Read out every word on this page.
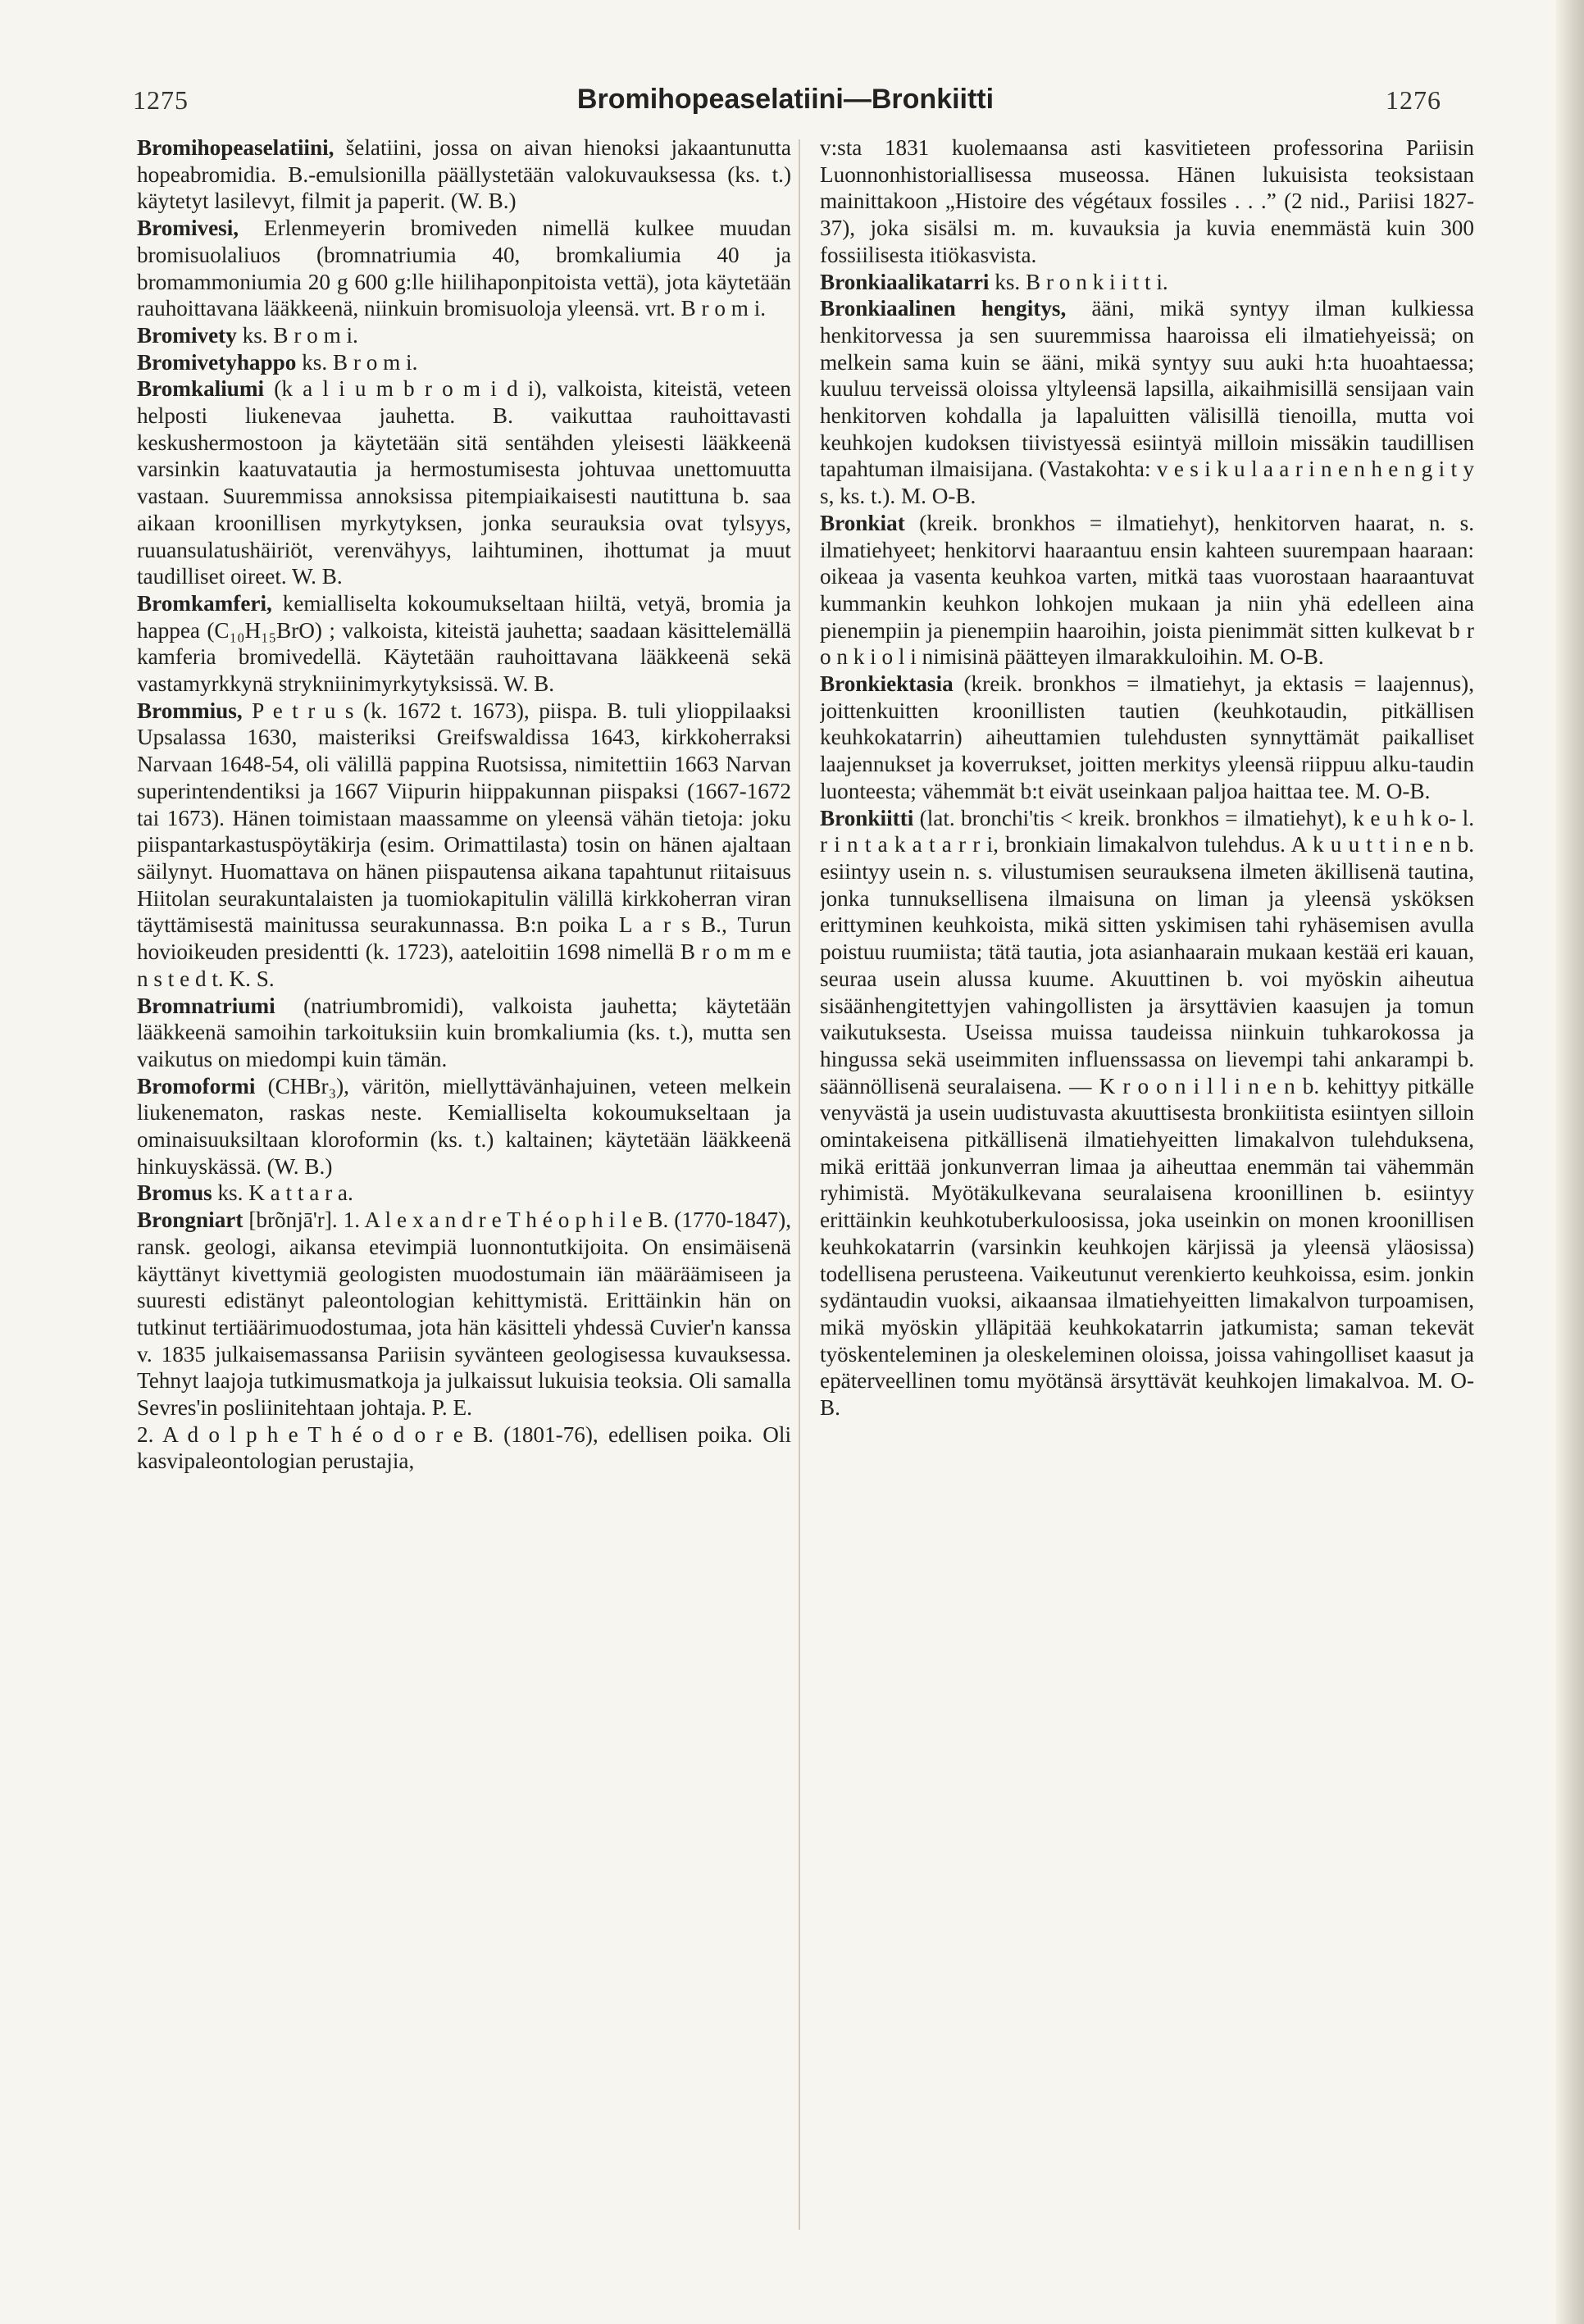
1275	Bromihopeaselatiini—Bronkiitti	1276

Bromihopeaselatiini, šelatiini, jossa on aivan hienoksi jakaantunutta hopeabromidia. B.-emulsionilla päällystetään valokuvauksessa (ks. t.) käytetyt lasilevyt, filmit ja paperit. (W. B.)

Bromivesi, Erlenmeyerin bromiveden nimellä kulkee muudan bromisuolaliuos (bromnatriumia 40, bromkaliumia 40 ja bromammoniumia 20 g 600 g:lle hiilihaponpitoista vettä), jota käytetään rauhoittavana lääkkeenä, niinkuin bromisuoloja yleensä. vrt. B r o m i.

Bromivety ks. B r o m i.

Bromivetyhappo ks. B r o m i.

Bromkaliumi (k a l i u m b r o m i d i), valkoista, kiteistä, veteen helposti liukenevaa jauhetta. B. vaikuttaa rauhoittavasti keskushermostoon ja käytetään sitä sentähden yleisesti lääkkeenä varsinkin kaatuvatautia ja hermostumisesta johtuvaa unettomuutta vastaan. Suuremmissa annoksissa pitempiaikaisesti nautittuna b. saa aikaan kroonillisen myrkytyksen, jonka seurauksia ovat tylsyys, ruuansulatushäiriöt, verenvähyys, laihtuminen, ihottumat ja muut taudilliset oireet. W. B.

Bromkamferi, kemialliselta kokoumukseltaan hiiltä, vetyä, bromia ja happea (C₁₀H₁₅BrO) ; valkoista, kiteistä jauhetta; saadaan käsittelemällä kamferia bromivedellä. Käytetään rauhoittavana lääkkeenä sekä vastamyrkkynä strykniinimyrkytyksissä. W. B.

Brommius, P e t r u s (k. 1672 t. 1673), piispa. B. tuli ylioppilaaksi Upsalassa 1630, maisteriksi Greifswaldissa 1643, kirkkoherraksi Narvaan 1648-54, oli välillä pappina Ruotsissa, nimitettiin 1663 Narvan superintendentiksi ja 1667 Viipurin hiippakunnan piispaksi (1667-1672 tai 1673). Hänen toimistaan maassamme on yleensä vähän tietoja: joku piispantarkastuspöytäkirja (esim. Orimattilasta) tosin on hänen ajaltaan säilynyt. Huomattava on hänen piispautensa aikana tapahtunut riitaisuus Hiitolan seurakuntalaisten ja tuomiokapitulin välillä kirkkoherran viran täyttämisestä mainitussa seurakunnassa. B:n poika L a r s B., Turun hovioikeuden presidentti (k. 1723), aateloitiin 1698 nimellä B r o m m e n s t e d t. K. S.

Bromnatriumi (natriumbromidi), valkoista jauhetta; käytetään lääkkeenä samoihin tarkoituksiin kuin bromkaliumia (ks. t.), mutta sen vaikutus on miedompi kuin tämän.

Bromoformi (CHBr₃), väritön, miellyttävänhajuinen, veteen melkein liukenematon, raskas neste. Kemialliselta kokoumukseltaan ja ominaisuuksiltaan kloroformin (ks. t.) kaltainen; käytetään lääkkeenä hinkuyskässä. (W. B.)

Bromus ks. K a t t a r a.

Brongniart [brõnjā'r]. 1. A l e x a n d r e T h é o p h i l e B. (1770-1847), ransk. geologi, aikansa etevimpiä luonnontutkijoita. On ensimäisenä käyttänyt kivettymiä geologisten muodostumain iän määräämiseen ja suuresti edistänyt paleontologian kehittymistä. Erittäinkin hän on tutkinut tertiäärimuodostumaa, jota hän käsitteli yhdessä Cuvier'n kanssa v. 1835 julkaisemassansa Pariisin syvänteen geologisessa kuvauksessa. Tehnyt laajoja tutkimusmatkoja ja julkaissut lukuisia teoksia. Oli samalla Sevres'in posliinitehtaan johtaja. P. E.

2. A d o l p h e T h é o d o r e B. (1801-76), edellisen poika. Oli kasvipaleontologian perustajia,

v:sta 1831 kuolemaansa asti kasvitieteen professorina Pariisin Luonnonhistoriallisessa museossa. Hänen lukuisista teoksistaan mainittakoon „Histoire des végétaux fossiles . . .” (2 nid., Pariisi 1827-37), joka sisälsi m. m. kuvauksia ja kuvia enemmästä kuin 300 fossiilisesta itiökasvista.

Bronkiaalikatarri ks. B r o n k i i t t i.

Bronkiaalinen hengitys, ääni, mikä syntyy ilman kulkiessa henkitorvessa ja sen suuremmissa haaroissa eli ilmatiehyeissä; on melkein sama kuin se ääni, mikä syntyy suu auki h:ta huoahtaessa; kuuluu terveissä oloissa yltyleensä lapsilla, aikaihmisillä sensijaan vain henkitorven kohdalla ja lapaluitten välisillä tienoilla, mutta voi keuhkojen kudoksen tiivistyessä esiintyä milloin missäkin taudillisen tapahtuman ilmaisijana. (Vastakohta: v e s i k u l a a r i n e n h e n g i t y s, ks. t.). M. O-B.

Bronkiat (kreik. bronkhos = ilmatiehyt), henkitorven haarat, n. s. ilmatiehyeet; henkitorvi haaraantuu ensin kahteen suurempaan haaraan: oikeaa ja vasenta keuhkoa varten, mitkä taas vuorostaan haaraantuvat kummankin keuhkon lohkojen mukaan ja niin yhä edelleen aina pienempiin ja pienempiin haaroihin, joista pienimmät sitten kulkevat b r o n k i o l i nimisinä päätteyen ilmarakkuloihin. M. O-B.

Bronkiektasia (kreik. bronkhos = ilmatiehyt, ja ektasis = laajennus), joittenkuitten kroonillisten tautien (keuhkotaudin, pitkällisen keuhkokatarrin) aiheuttamien tulehdusten synnyttämät paikalliset laajennukset ja koverrukset, joitten merkitys yleensä riippuu alku-taudin luonteesta; vähemmät b:t eivät useinkaan paljoa haittaa tee. M. O-B.

Bronkiitti (lat. bronchi'tis < kreik. bronkhos = ilmatiehyt), k e u h k o- l. r i n t a k a t a r r i, bronkiain limakalvon tulehdus. A k u u t t i n e n b. esiintyy usein n. s. vilustumisen seurauksena ilmeten äkillisenä tautina, jonka tunnuksellisena ilmaisuna on liman ja yleensä ysköksen erittyminen keuhkoista, mikä sitten yskimisen tahi ryhäsemisen avulla poistuu ruumiista; tätä tautia, jota asianhaarain mukaan kestää eri kauan, seuraa usein alussa kuume. Akuuttinen b. voi myöskin aiheutua sisäänhengitettyjen vahingollisten ja ärsyttävien kaasujen ja tomun vaikutuksesta. Useissa muissa taudeissa niinkuin tuhkarokossa ja hingussa sekä useimmiten influenssassa on lievempi tahi ankarampi b. säännöllisenä seuralaisena. — K r o o n i l l i n e n b. kehittyy pitkälle venyvästä ja usein uudistuvasta akuuttisesta bronkiitista esiintyen silloin omintakeisena pitkällisenä ilmatiehyeitten limakalvon tulehduksena, mikä erittää jonkunverran limaa ja aiheuttaa enemmän tai vähemmän ryhimistä. Myötäkulkevana seuralaisena kroonillinen b. esiintyy erittäinkin keuhkotuberkuloosissa, joka useinkin on monen kroonillisen keuhkokatarrin (varsinkin keuhkojen kärjissä ja yleensä yläosissa) todellisena perusteena. Vaikeutunut verenkierto keuhkoissa, esim. jonkin sydäntaudin vuoksi, aikaansaa ilmatiehyeitten limakalvon turpoamisen, mikä myöskin ylläpitää keuhkokatarrin jatkumista; saman tekevät työskenteleminen ja oleskeleminen oloissa, joissa vahingolliset kaasut ja epäterveellinen tomu myötänsä ärsyttävät keuhkojen limakalvoa. M. O-B.
